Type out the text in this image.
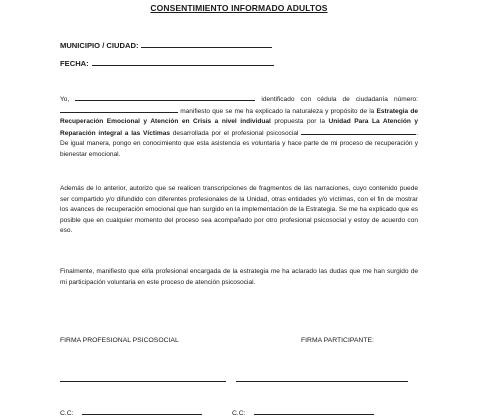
CONSENTIMIENTO INFORMADO ADULTOS
MUNICIPIO / CIUDAD:
FECHA:
Yo,	identificado con cédula de ciudadanía número:  manifiesto que se me ha explicado la naturaleza y propósito de la Estrategia de Recuperación Emocional y Atención en Crisis a nivel individual propuesta por la Unidad Para La Atención y Reparación integral a las Víctimas desarrollada por el profesional psicosocial	. De igual manera, pongo en conocimiento que esta asistencia es voluntaria y hace parte de mi proceso de recuperación y bienestar emocional.
Además de lo anterior, autorizo que se realicen transcripciones de fragmentos de las narraciones, cuyo contenido puede ser compartido y/o difundido con diferentes profesionales de la Unidad, otras entidades y/o víctimas, con el fin de mostrar los avances de recuperación emocional que han surgido en la implementación de la Estrategia. Se me ha explicado que es posible que en cualquier momento del proceso sea acompañado por otro profesional psicosocial y estoy de acuerdo con eso.
Finalmente, manifiesto que el/la profesional encargada de la estrategia me ha aclarado las dudas que me han surgido de mi participación voluntaria en este proceso de atención psicosocial.
FIRMA PROFESIONAL PSICOSOCIAL	FIRMA PARTICIPANTE:
C.C:	C.C:
